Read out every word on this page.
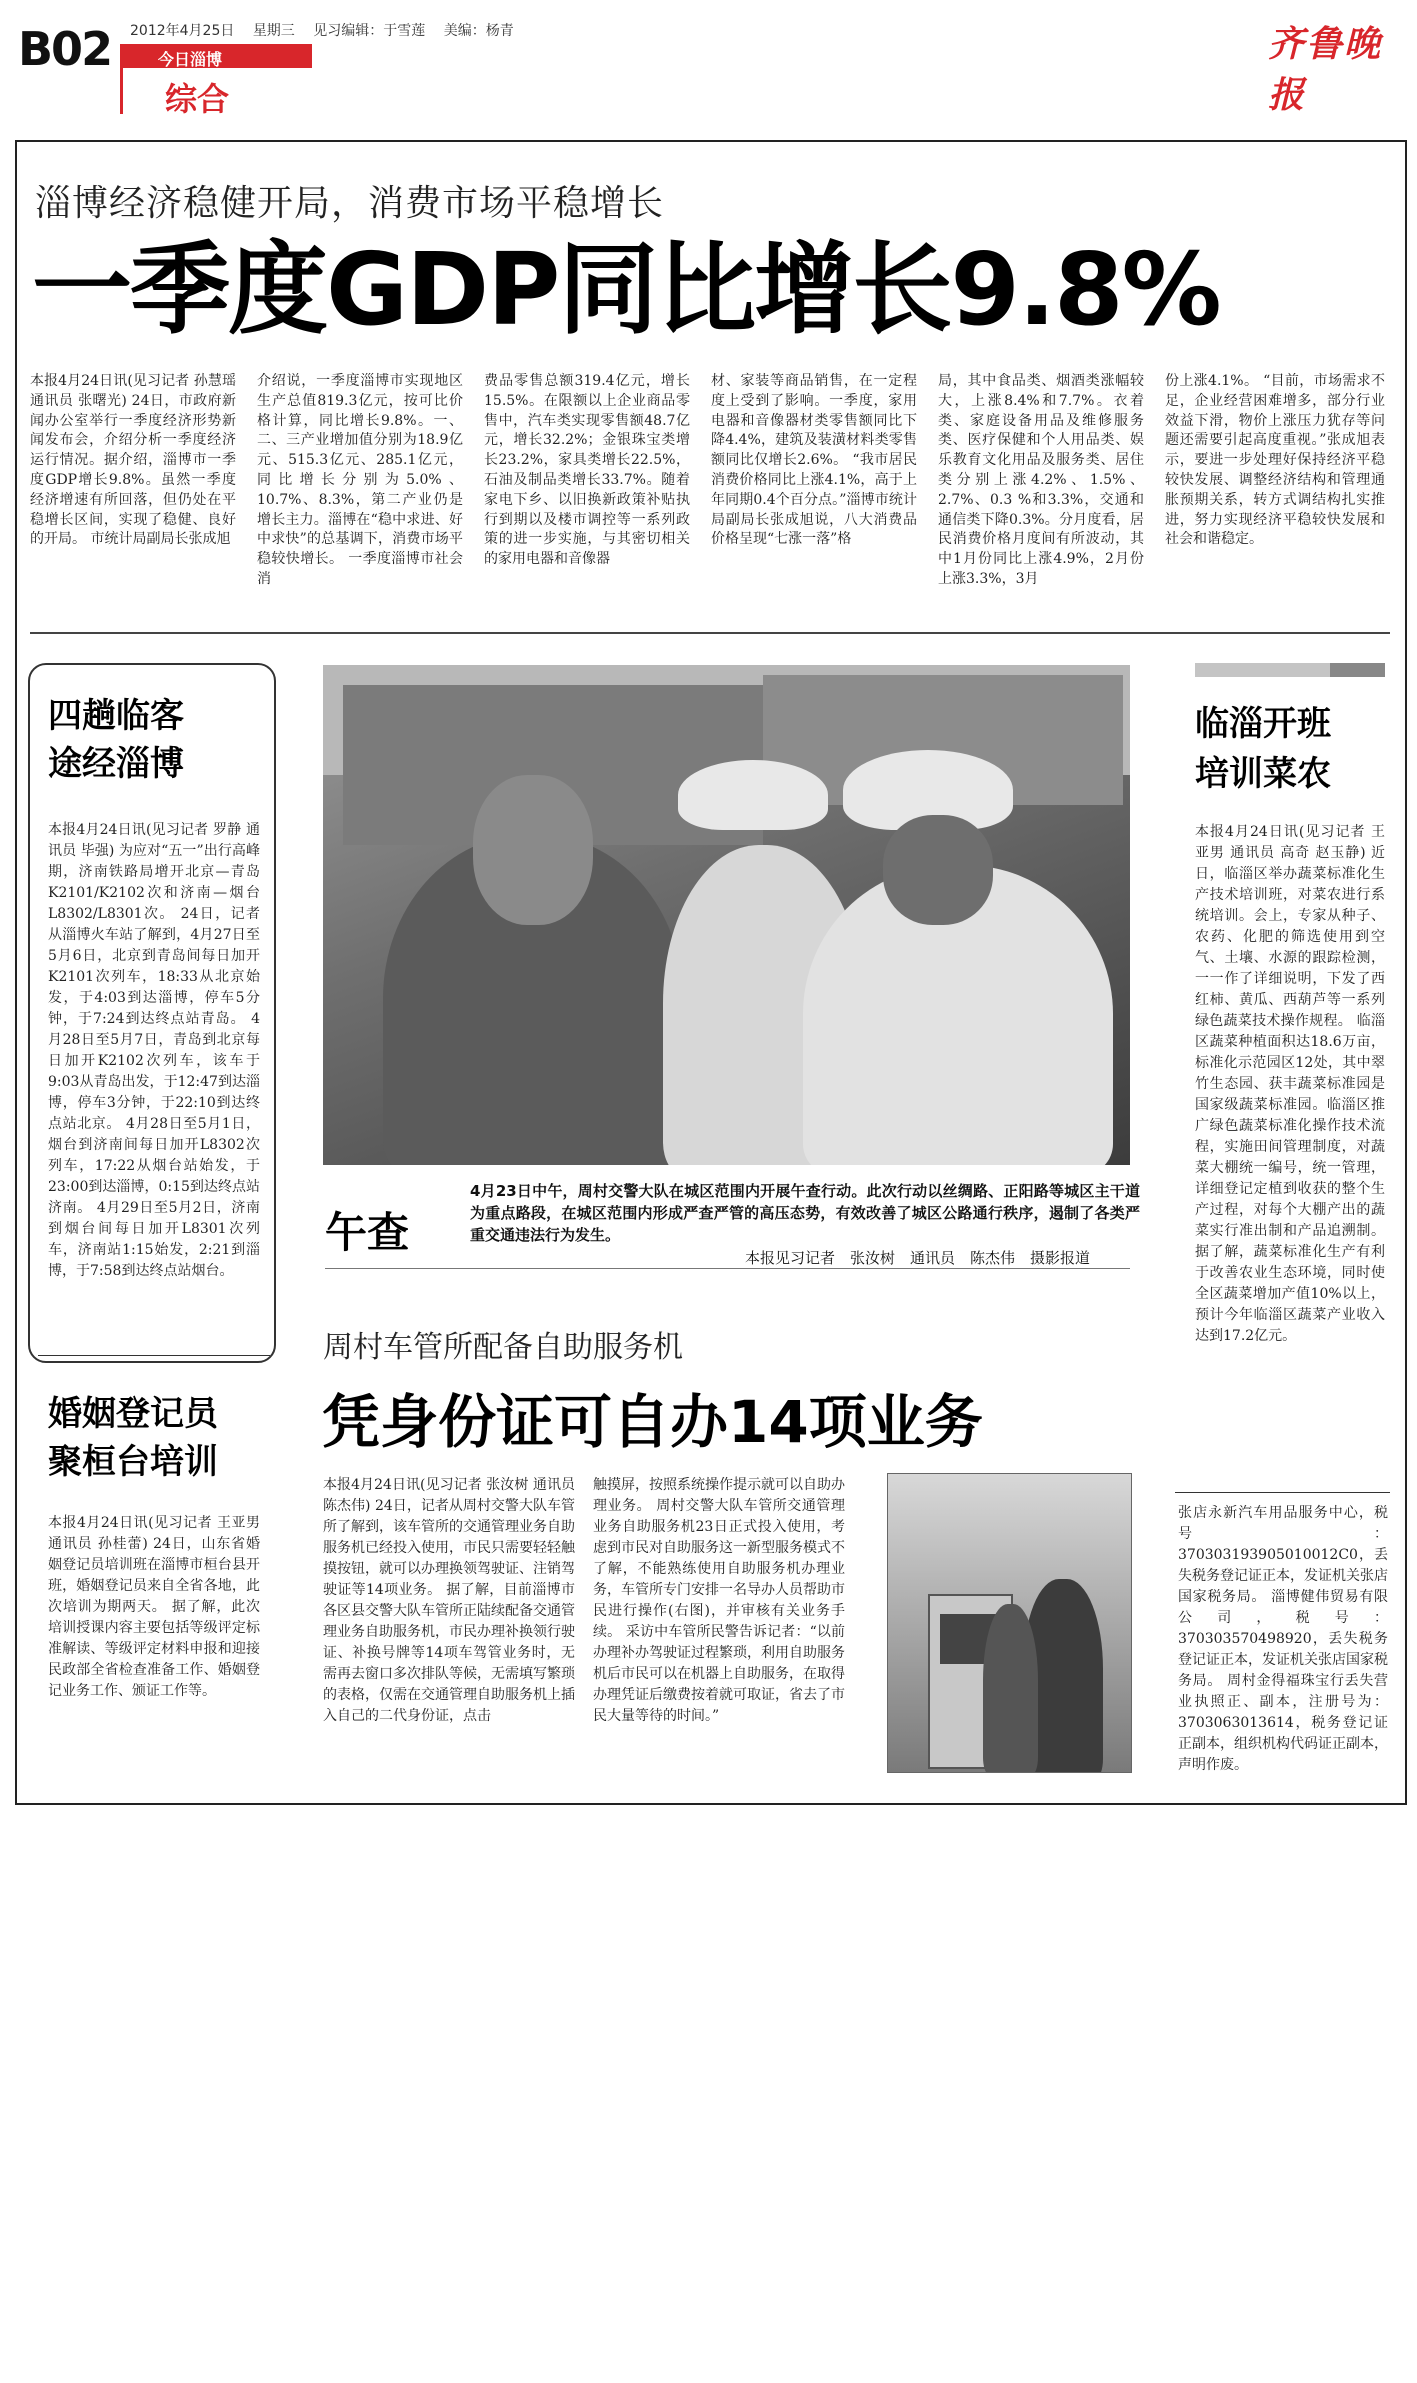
B02 2012年4月25日 星期三 见习编辑：于雪莲 美编：杨青
今日淄博
综合
齐鲁晚报
淄博经济稳健开局，消费市场平稳增长
一季度GDP同比增长9.8%
本报4月24日讯(见习记者 孙慧瑶 通讯员 张曙光) 24日，市政府新闻办公室举行一季度经济形势新闻发布会，介绍分析一季度经济运行情况。据介绍，淄博市一季度GDP增长9.8%。虽然一季度经济增速有所回落，但仍处在平稳增长区间，实现了稳健、良好的开局。 市统计局副局长张成旭
介绍说，一季度淄博市实现地区生产总值819.3亿元，按可比价格计算，同比增长9.8%。一、二、三产业增加值分别为18.9亿元、515.3亿元、285.1亿元，同比增长分别为5.0%、10.7%、8.3%，第二产业仍是增长主力。淄博在“稳中求进、好中求快”的总基调下，消费市场平稳较快增长。 一季度淄博市社会消
费品零售总额319.4亿元，增长15.5%。在限额以上企业商品零售中，汽车类实现零售额48.7亿元，增长32.2%；金银珠宝类增长23.2%，家具类增长22.5%，石油及制品类增长33.7%。随着家电下乡、以旧换新政策补贴执行到期以及楼市调控等一系列政策的进一步实施，与其密切相关的家用电器和音像器
材、家装等商品销售，在一定程度上受到了影响。一季度，家用电器和音像器材类零售额同比下降4.4%，建筑及装潢材料类零售额同比仅增长2.6%。 “我市居民消费价格同比上涨4.1%，高于上年同期0.4个百分点。”淄博市统计局副局长张成旭说，八大消费品价格呈现“七涨一落”格
局，其中食品类、烟酒类涨幅较大，上涨8.4%和7.7%。衣着类、家庭设备用品及维修服务类、医疗保健和个人用品类、娱乐教育文化用品及服务类、居住类分别上涨4.2%、1.5%、2.7%、0.3 %和3.3%，交通和通信类下降0.3%。分月度看，居民消费价格月度间有所波动，其中1月份同比上涨4.9%，2月份上涨3.3%，3月
份上涨4.1%。 “目前，市场需求不足，企业经营困难增多，部分行业效益下滑，物价上涨压力犹存等问题还需要引起高度重视。”张成旭表示，要进一步处理好保持经济平稳较快发展、调整经济结构和管理通胀预期关系，转方式调结构扎实推进，努力实现经济平稳较快发展和社会和谐稳定。
四趟临客
途经淄博
本报4月24日讯(见习记者 罗静 通讯员 毕强) 为应对“五一”出行高峰期，济南铁路局增开北京—青岛K2101/K2102次和济南—烟台L8302/L8301次。 24日，记者从淄博火车站了解到，4月27日至5月6日，北京到青岛间每日加开K2101次列车，18:33从北京始发，于4:03到达淄博，停车5分钟，于7:24到达终点站青岛。 4月28日至5月7日，青岛到北京每日加开K2102次列车，该车于9:03从青岛出发，于12:47到达淄博，停车3分钟，于22:10到达终点站北京。 4月28日至5月1日，烟台到济南间每日加开L8302次列车，17:22从烟台站始发，于23:00到达淄博，0:15到达终点站济南。 4月29日至5月2日，济南到烟台间每日加开L8301次列车，济南站1:15始发，2:21到淄博，于7:58到达终点站烟台。
婚姻登记员
聚桓台培训
本报4月24日讯(见习记者 王亚男 通讯员 孙桂蕾) 24日，山东省婚姻登记员培训班在淄博市桓台县开班，婚姻登记员来自全省各地，此次培训为期两天。 据了解，此次培训授课内容主要包括等级评定标准解读、等级评定材料申报和迎接民政部全省检查准备工作、婚姻登记业务工作、颁证工作等。
午查
4月23日中午，周村交警大队在城区范围内开展午查行动。此次行动以丝绸路、正阳路等城区主干道为重点路段，在城区范围内形成严查严管的高压态势，有效改善了城区公路通行秩序，遏制了各类严重交通违法行为发生。
本报见习记者　张汝树　通讯员　陈杰伟　摄影报道
临淄开班
培训菜农
本报4月24日讯(见习记者 王亚男 通讯员 高奇 赵玉静) 近日，临淄区举办蔬菜标准化生产技术培训班，对菜农进行系统培训。会上，专家从种子、农药、化肥的筛选使用到空气、土壤、水源的跟踪检测，一一作了详细说明，下发了西红柿、黄瓜、西葫芦等一系列绿色蔬菜技术操作规程。 临淄区蔬菜种植面积达18.6万亩，标准化示范园区12处，其中翠竹生态园、获丰蔬菜标准园是国家级蔬菜标准园。临淄区推广绿色蔬菜标准化操作技术流程，实施田间管理制度，对蔬菜大棚统一编号，统一管理，详细登记定植到收获的整个生产过程，对每个大棚产出的蔬菜实行准出制和产品追溯制。 据了解，蔬菜标准化生产有利于改善农业生态环境，同时使全区蔬菜增加产值10%以上，预计今年临淄区蔬菜产业收入达到17.2亿元。
张店永新汽车用品服务中心，税号：370303193905010012C0，丢失税务登记证正本，发证机关张店国家税务局。 淄博健伟贸易有限公司，税号：370303570498920，丢失税务登记证正本，发证机关张店国家税务局。 周村金得福珠宝行丢失营业执照正、副本，注册号为：370306301361​4，税务登记证正副本，组织机构代码证正副本，声明作废。
周村车管所配备自助服务机
凭身份证可自办14项业务
本报4月24日讯(见习记者 张汝树 通讯员 陈杰伟) 24日，记者从周村交警大队车管所了解到，该车管所的交通管理业务自助服务机已经投入使用，市民只需要轻轻触摸按钮，就可以办理换领驾驶证、注销驾驶证等14项业务。 据了解，目前淄博市各区县交警大队车管所正陆续配备交通管理业务自助服务机，市民办理补换领行驶证、补换号牌等14项车驾管业务时，无需再去窗口多次排队等候，无需填写繁琐的表格，仅需在交通管理自助服务机上插入自己的二代身份证，点击
触摸屏，按照系统操作提示就可以自助办理业务。 周村交警大队车管所交通管理业务自助服务机23日正式投入使用，考虑到市民对自助服务这一新型服务模式不了解，不能熟练使用自助服务机办理业务，车管所专门安排一名导办人员帮助市民进行操作(右图)，并审核有关业务手续。 采访中车管所民警告诉记者：“以前办理补办驾驶证过程繁琐，利用自助服务机后市民可以在机器上自助服务，在取得办理凭证后缴费按着就可取证，省去了市民大量等待的时间。”
